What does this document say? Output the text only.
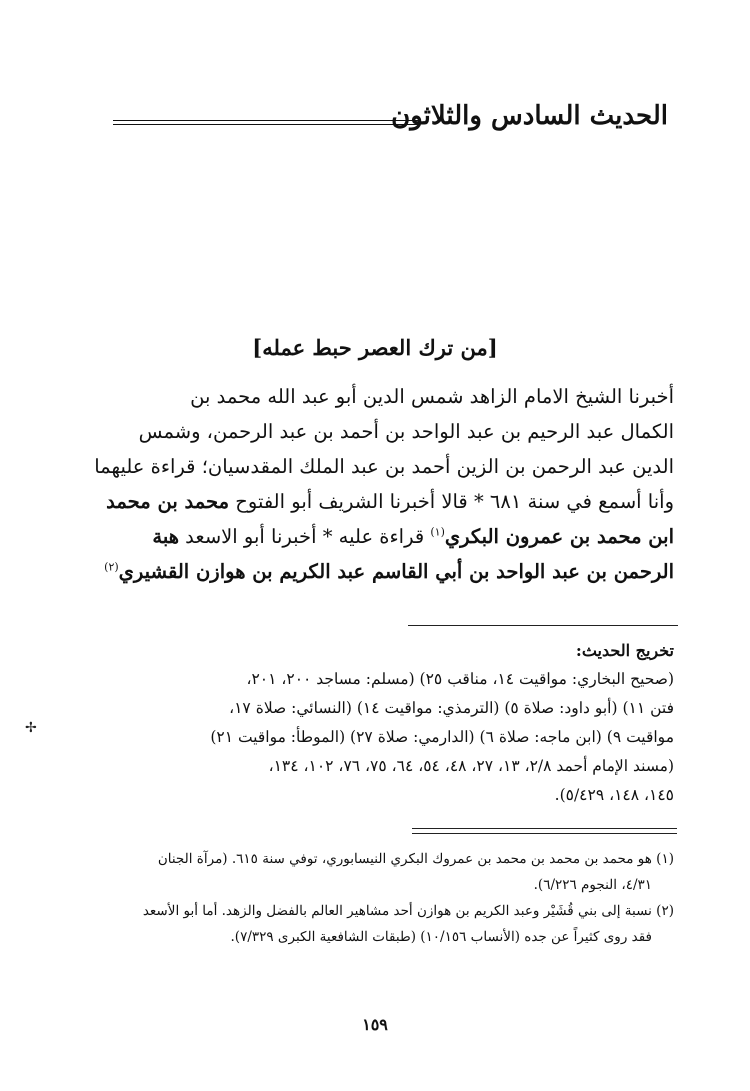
الحديث السادس والثلاثون
[من ترك العصر حبط عمله]
أخبرنا الشيخ الامام الزاهد شمس الدين أبو عبد الله محمد بن
الكمال عبد الرحيم بن عبد الواحد بن أحمد بن عبد الرحمن، وشمس
الدين عبد الرحمن بن الزين أحمد بن عبد الملك المقدسيان؛ قراءة عليهما
وأنا أسمع في سنة ٦٨١ * قالا أخبرنا الشريف أبو الفتوح محمد بن محمد
ابن محمد بن عمرون البكري$^{(١)}$ قراءة عليه * أخبرنا أبو الاسعد هبة
الرحمن بن عبد الواحد بن أبي القاسم عبد الكريم بن هوازن القشيري$^{(٢)}$
تخريج الحديث:
(صحيح البخاري: مواقيت ١٤، مناقب ٢٥) (مسلم: مساجد ٢٠٠، ٢٠١،
فتن ١١) (أبو داود: صلاة ٥) (الترمذي: مواقيت ١٤) (النسائي: صلاة ١٧،
مواقيت ٩) (ابن ماجه: صلاة ٦) (الدارمي: صلاة ٢٧) (الموطأ: مواقيت ٢١)
(مسند الإمام أحمد ٢/٨، ١٣، ٢٧، ٤٨، ٥٤، ٦٤، ٧٥، ٧٦، ١٠٢، ١٣٤،
١٤٥، ١٤٨، ٥/٤٢٩).
(١) هو محمد بن محمد بن محمد بن عمروك البكري النيسابوري، توفي سنة ٦١٥. (مرآة الجنان
٤/٣١، النجوم ٦/٢٢٦).
(٢) نسبة إلى بني قُشَيْر وعبد الكريم بن هوازن أحد مشاهير العالم بالفضل والزهد. أما أبو الأسعد
فقد روى كثيراً عن جده (الأنساب ١٠/١٥٦) (طبقات الشافعية الكبرى ٧/٣٢٩).
١٥٩
✢
